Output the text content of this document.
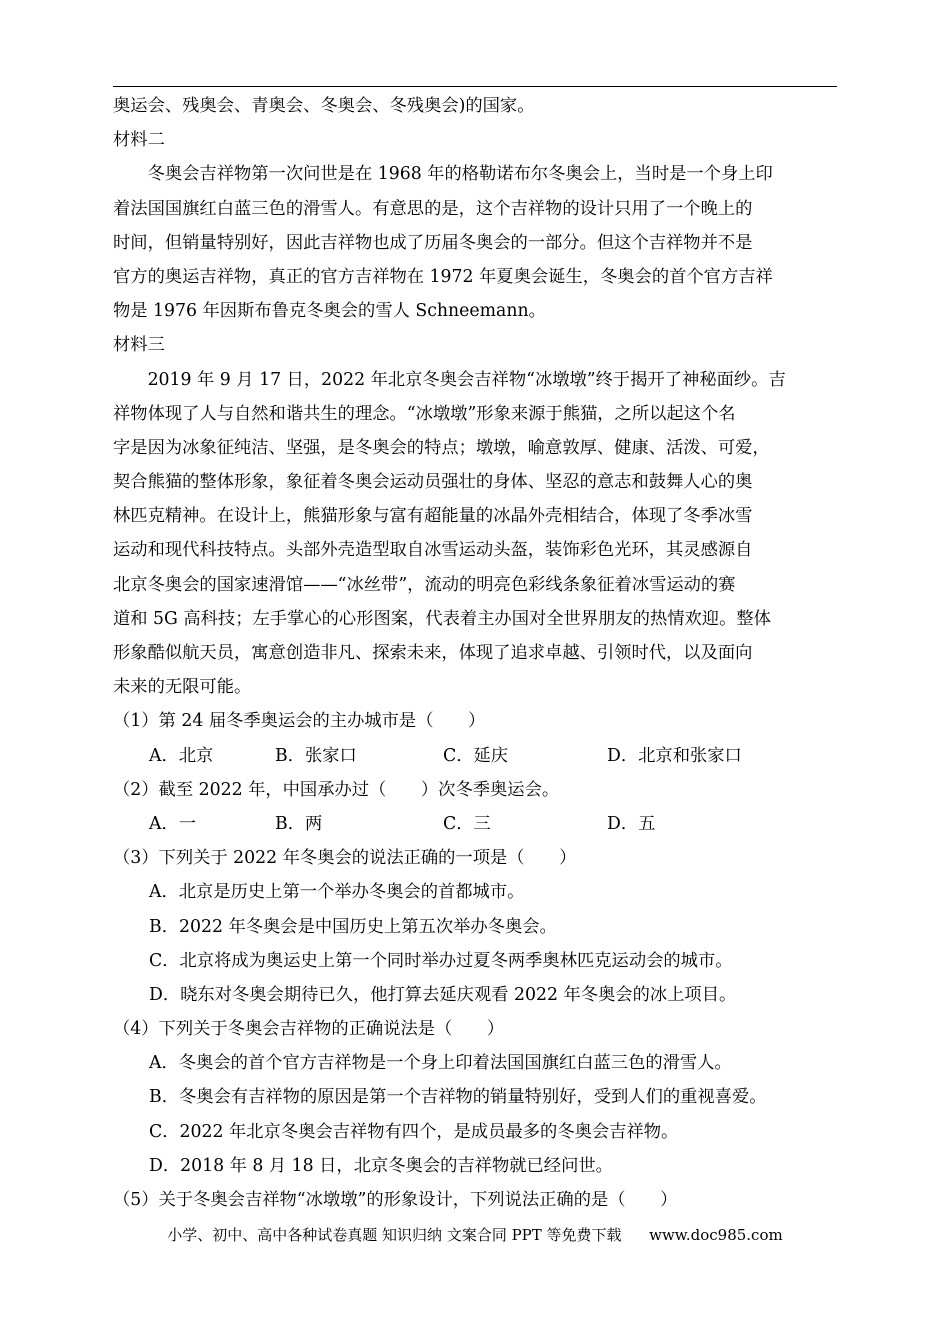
奥运会、残奥会、青奥会、冬奥会、冬残奥会)的国家。
材料二
　　冬奥会吉祥物第一次问世是在 1968 年的格勒诺布尔冬奥会上，当时是一个身上印
着法国国旗红白蓝三色的滑雪人。有意思的是，这个吉祥物的设计只用了一个晚上的
时间，但销量特别好，因此吉祥物也成了历届冬奥会的一部分。但这个吉祥物并不是
官方的奥运吉祥物，真正的官方吉祥物在 1972 年夏奥会诞生，冬奥会的首个官方吉祥
物是 1976 年因斯布鲁克冬奥会的雪人 Schneemann。
材料三
　　2019 年 9 月 17 日，2022 年北京冬奥会吉祥物“冰墩墩”终于揭开了神秘面纱。吉
祥物体现了人与自然和谐共生的理念。“冰墩墩”形象来源于熊猫，之所以起这个名
字是因为冰象征纯洁、坚强，是冬奥会的特点；墩墩，喻意敦厚、健康、活泼、可爱，
契合熊猫的整体形象，象征着冬奥会运动员强壮的身体、坚忍的意志和鼓舞人心的奥
林匹克精神。在设计上，熊猫形象与富有超能量的冰晶外壳相结合，体现了冬季冰雪
运动和现代科技特点。头部外壳造型取自冰雪运动头盔，装饰彩色光环，其灵感源自
北京冬奥会的国家速滑馆——“冰丝带”，流动的明亮色彩线条象征着冰雪运动的赛
道和 5G 高科技；左手掌心的心形图案，代表着主办国对全世界朋友的热情欢迎。整体
形象酷似航天员，寓意创造非凡、探索未来，体现了追求卓越、引领时代，以及面向
未来的无限可能。
（1）第 24 届冬季奥运会的主办城市是（　　）
A．北京	B．张家口	C．延庆	D．北京和张家口
（2）截至 2022 年，中国承办过（　　）次冬季奥运会。
A．一	B．两	C．三	D．五
（3）下列关于 2022 年冬奥会的说法正确的一项是（　　）
A．北京是历史上第一个举办冬奥会的首都城市。
B．2022 年冬奥会是中国历史上第五次举办冬奥会。
C．北京将成为奥运史上第一个同时举办过夏冬两季奥林匹克运动会的城市。
D．晓东对冬奥会期待已久，他打算去延庆观看 2022 年冬奥会的冰上项目。
（4）下列关于冬奥会吉祥物的正确说法是（　　）
A．冬奥会的首个官方吉祥物是一个身上印着法国国旗红白蓝三色的滑雪人。
B．冬奥会有吉祥物的原因是第一个吉祥物的销量特别好，受到人们的重视喜爱。
C．2022 年北京冬奥会吉祥物有四个，是成员最多的冬奥会吉祥物。
D．2018 年 8 月 18 日，北京冬奥会的吉祥物就已经问世。
（5）关于冬奥会吉祥物“冰墩墩”的形象设计，下列说法正确的是（　　）
小学、初中、高中各种试卷真题 知识归纳 文案合同 PPT 等免费下载 www.doc985.com
